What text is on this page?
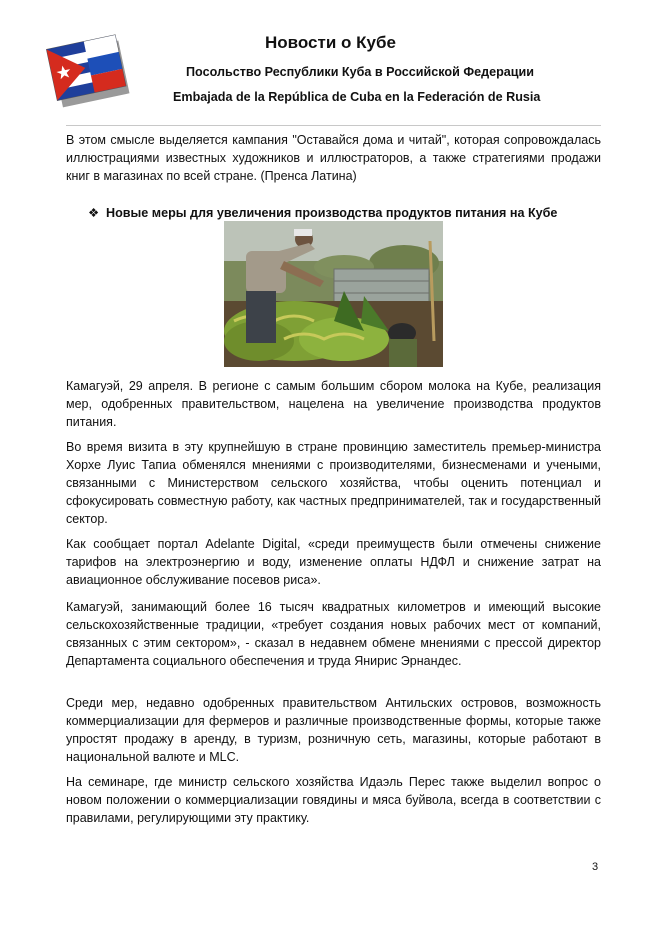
Новости о Кубе
Посольство Республики Куба в Российской Федерации
Embajada de la República de Cuba en la Federación de Rusia

В этом смысле выделяется кампания "Оставайся дома и читай", которая сопровождалась иллюстрациями известных художников и иллюстраторов, а также стратегиями продажи книг в магазинах по всей стране. (Пренса Латина)

❖ Новые меры для увеличения производства продуктов питания на Кубе

Камагуэй, 29 апреля. В регионе с самым большим сбором молока на Кубе, реализация мер, одобренных правительством, нацелена на увеличение производства продуктов питания.

Во время визита в эту крупнейшую в стране провинцию заместитель премьер-министра Хорхе Луис Тапиа обменялся мнениями с производителями, бизнесменами и учеными, связанными с Министерством сельского хозяйства, чтобы оценить потенциал и сфокусировать совместную работу, как частных предпринимателей, так и государственный сектор.

Как сообщает портал Adelante Digital, «среди преимуществ были отмечены снижение тарифов на электроэнергию и воду, изменение оплаты НДФЛ и снижение затрат на авиационное обслуживание посевов риса».

Камагуэй, занимающий более 16 тысяч квадратных километров и имеющий высокие сельскохозяйственные традиции, «требует создания новых рабочих мест от компаний, связанных с этим сектором», - сказал в недавнем обмене мнениями с прессой директор Департамента социального обеспечения и труда Янирис Эрнандес.

Среди мер, недавно одобренных правительством Антильских островов, возможность коммерциализации для фермеров и различные производственные формы, которые также упростят продажу в аренду, в туризм, розничную сеть, магазины, которые работают в национальной валюте и MLC.

На семинаре, где министр сельского хозяйства Идаэль Перес также выделил вопрос о новом положении о коммерциализации говядины и мяса буйвола, всегда в соответствии с правилами, регулирующими эту практику.

3
